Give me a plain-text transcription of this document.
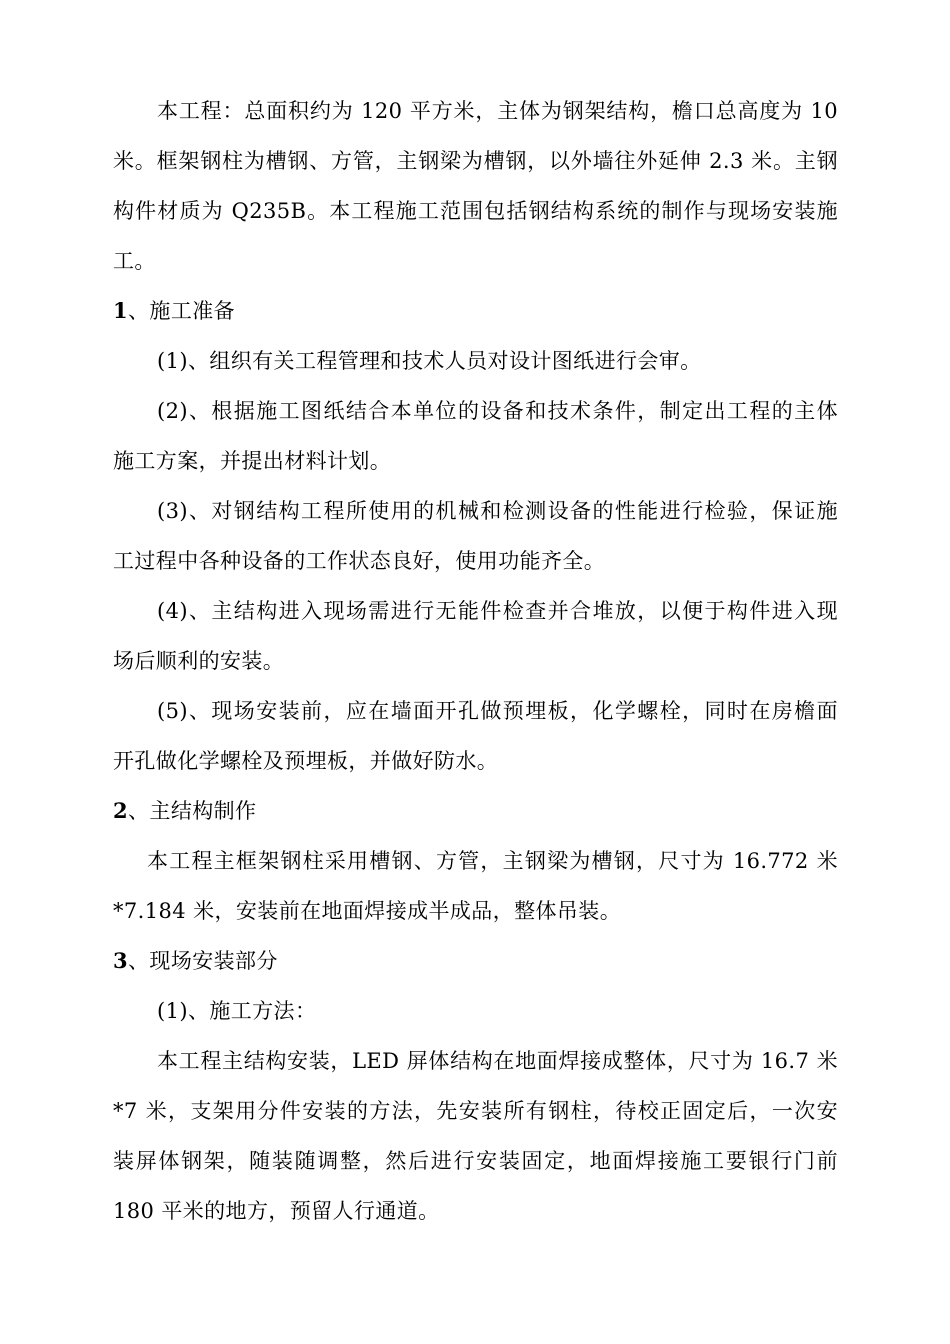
本工程：总面积约为 120 平方米，主体为钢架结构，檐口总高度为 10
米。框架钢柱为槽钢、方管，主钢梁为槽钢，以外墙往外延伸 2.3 米。主钢
构件材质为 Q235B。本工程施工范围包括钢结构系统的制作与现场安装施
工。
1、施工准备
(1)、组织有关工程管理和技术人员对设计图纸进行会审。
(2)、根据施工图纸结合本单位的设备和技术条件，制定出工程的主体
施工方案，并提出材料计划。
(3)、对钢结构工程所使用的机械和检测设备的性能进行检验，保证施
工过程中各种设备的工作状态良好，使用功能齐全。
(4)、主结构进入现场需进行无能件检查并合堆放，以便于构件进入现
场后顺利的安装。
(5)、现场安装前，应在墙面开孔做预埋板，化学螺栓，同时在房檐面
开孔做化学螺栓及预埋板，并做好防水。
2、主结构制作
本工程主框架钢柱采用槽钢、方管，主钢梁为槽钢，尺寸为 16.772 米
*7.184 米，安装前在地面焊接成半成品，整体吊装。
3、现场安装部分
(1)、施工方法：
本工程主结构安装，LED 屏体结构在地面焊接成整体，尺寸为 16.7 米
*7 米，支架用分件安装的方法，先安装所有钢柱，待校正固定后，一次安
装屏体钢架，随装随调整，然后进行安装固定，地面焊接施工要银行门前
180 平米的地方，预留人行通道。
